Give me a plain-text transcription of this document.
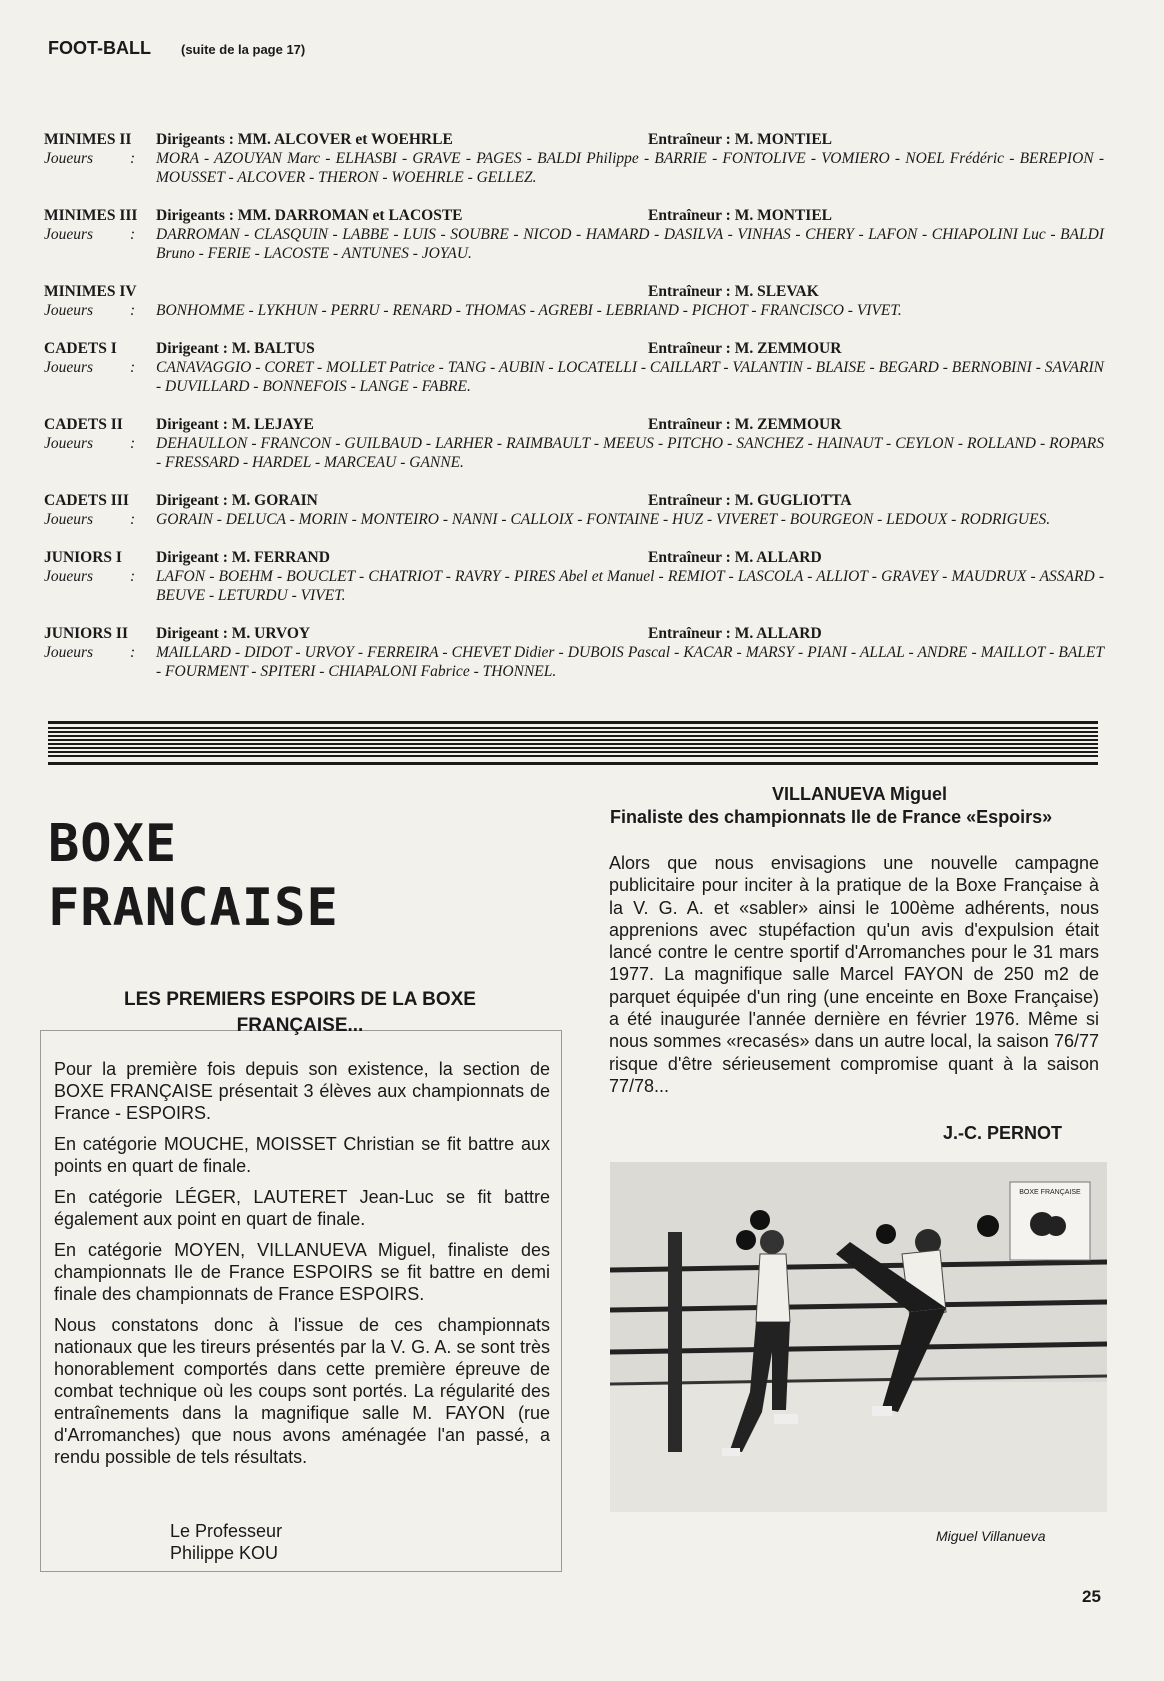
FOOT-BALL (suite de la page 17)
MINIMES II Dirigeants : MM. ALCOVER et WOEHRLE	Entraîneur : M. MONTIEL
Joueurs : MORA - AZOUYAN Marc - ELHASBI - GRAVE - PAGES - BALDI Philippe - BARRIE - FONTOLIVE - VOMIERO - NOEL Frédéric - BEREPION - MOUSSET - ALCOVER - THERON - WOEHRLE - GELLEZ.
MINIMES III Dirigeants : MM. DARROMAN et LACOSTE	Entraîneur : M. MONTIEL
Joueurs : DARROMAN - CLASQUIN - LABBE - LUIS - SOUBRE - NICOD - HAMARD - DASILVA - VINHAS - CHERY - LAFON - CHIAPOLINI Luc - BALDI Bruno - FERIE - LACOSTE - ANTUNES - JOYAU.
MINIMES IV	Entraîneur : M. SLEVAK
Joueurs : BONHOMME - LYKHUN - PERRU - RENARD - THOMAS - AGREBI - LEBRIAND - PICHOT - FRANCISCO - VIVET.
CADETS I	Dirigeant : M. BALTUS	Entraîneur : M. ZEMMOUR
Joueurs : CANAVAGGIO - CORET - MOLLET Patrice - TANG - AUBIN - LOCATELLI - CAILLART - VALANTIN - BLAISE - BEGARD - BERNOBINI - SAVARIN - DUVILLARD - BONNEFOIS - LANGE - FABRE.
CADETS II Dirigeant : M. LEJAYE	Entraîneur : M. ZEMMOUR
Joueurs : DEHAULLON - FRANCON - GUILBAUD - LARHER - RAIMBAULT - MEEUS - PITCHO - SANCHEZ - HAINAUT - CEYLON - ROLLAND - ROPARS - FRESSARD - HARDEL - MARCEAU - GANNE.
CADETS III Dirigeant : M. GORAIN	Entraîneur : M. GUGLIOTTA
Joueurs : GORAIN - DELUCA - MORIN - MONTEIRO - NANNI - CALLOIX - FONTAINE - HUZ - VIVERET - BOURGEON - LEDOUX - RODRIGUES.
JUNIORS I Dirigeant : M. FERRAND	Entraîneur : M. ALLARD
Joueurs : LAFON - BOEHM - BOUCLET - CHATRIOT - RAVRY - PIRES Abel et Manuel - REMIOT - LASCOLA - ALLIOT - GRAVEY - MAUDRUX - ASSARD - BEUVE - LETURDU - VIVET.
JUNIORS II Dirigeant : M. URVOY	Entraîneur : M. ALLARD
Joueurs : MAILLARD - DIDOT - URVOY - FERREIRA - CHEVET Didier - DUBOIS Pascal - KACAR - MARSY - PIANI - ALLAL - ANDRE - MAILLOT - BALET - FOURMENT - SPITERI - CHIAPALONI Fabrice - THONNEL.
BOXE
FRANCAISE
LES PREMIERS ESPOIRS DE LA BOXE FRANÇAISE...

Pour la première fois depuis son existence, la section de BOXE FRANÇAISE présentait 3 élèves aux championnats de France - ESPOIRS.

En catégorie MOUCHE, MOISSET Christian se fit battre aux points en quart de finale.

En catégorie LÉGER, LAUTERET Jean-Luc se fit battre également aux point en quart de finale.

En catégorie MOYEN, VILLANUEVA Miguel, finaliste des championnats Ile de France ESPOIRS se fit battre en demi finale des championnats de France ESPOIRS.

Nous constatons donc à l'issue de ces championnats nationaux que les tireurs présentés par la V. G. A. se sont très honorablement comportés dans cette première épreuve de combat technique où les coups sont portés. La régularité des entraînements dans la magnifique salle M. FAYON (rue d'Arromanches) que nous avons aménagée l'an passé, a rendu possible de tels résultats.

Le Professeur
Philippe KOU
VILLANUEVA Miguel
Finaliste des championnats Ile de France «Espoirs»
Alors que nous envisagions une nouvelle campagne publicitaire pour inciter à la pratique de la Boxe Française à la V. G. A. et «sabler» ainsi le 100ème adhérents, nous apprenions avec stupéfaction qu'un avis d'expulsion était lancé contre le centre sportif d'Arromanches pour le 31 mars 1977. La magnifique salle Marcel FAYON de 250 m2 de parquet équipée d'un ring (une enceinte en Boxe Française) a été inaugurée l'année dernière en février 1976. Même si nous sommes «recasés» dans un autre local, la saison 76/77 risque d'être sérieusement compromise quant à la saison 77/78...
J.-C. PERNOT
BOXE FRANÇAISE
Miguel Villanueva
25
